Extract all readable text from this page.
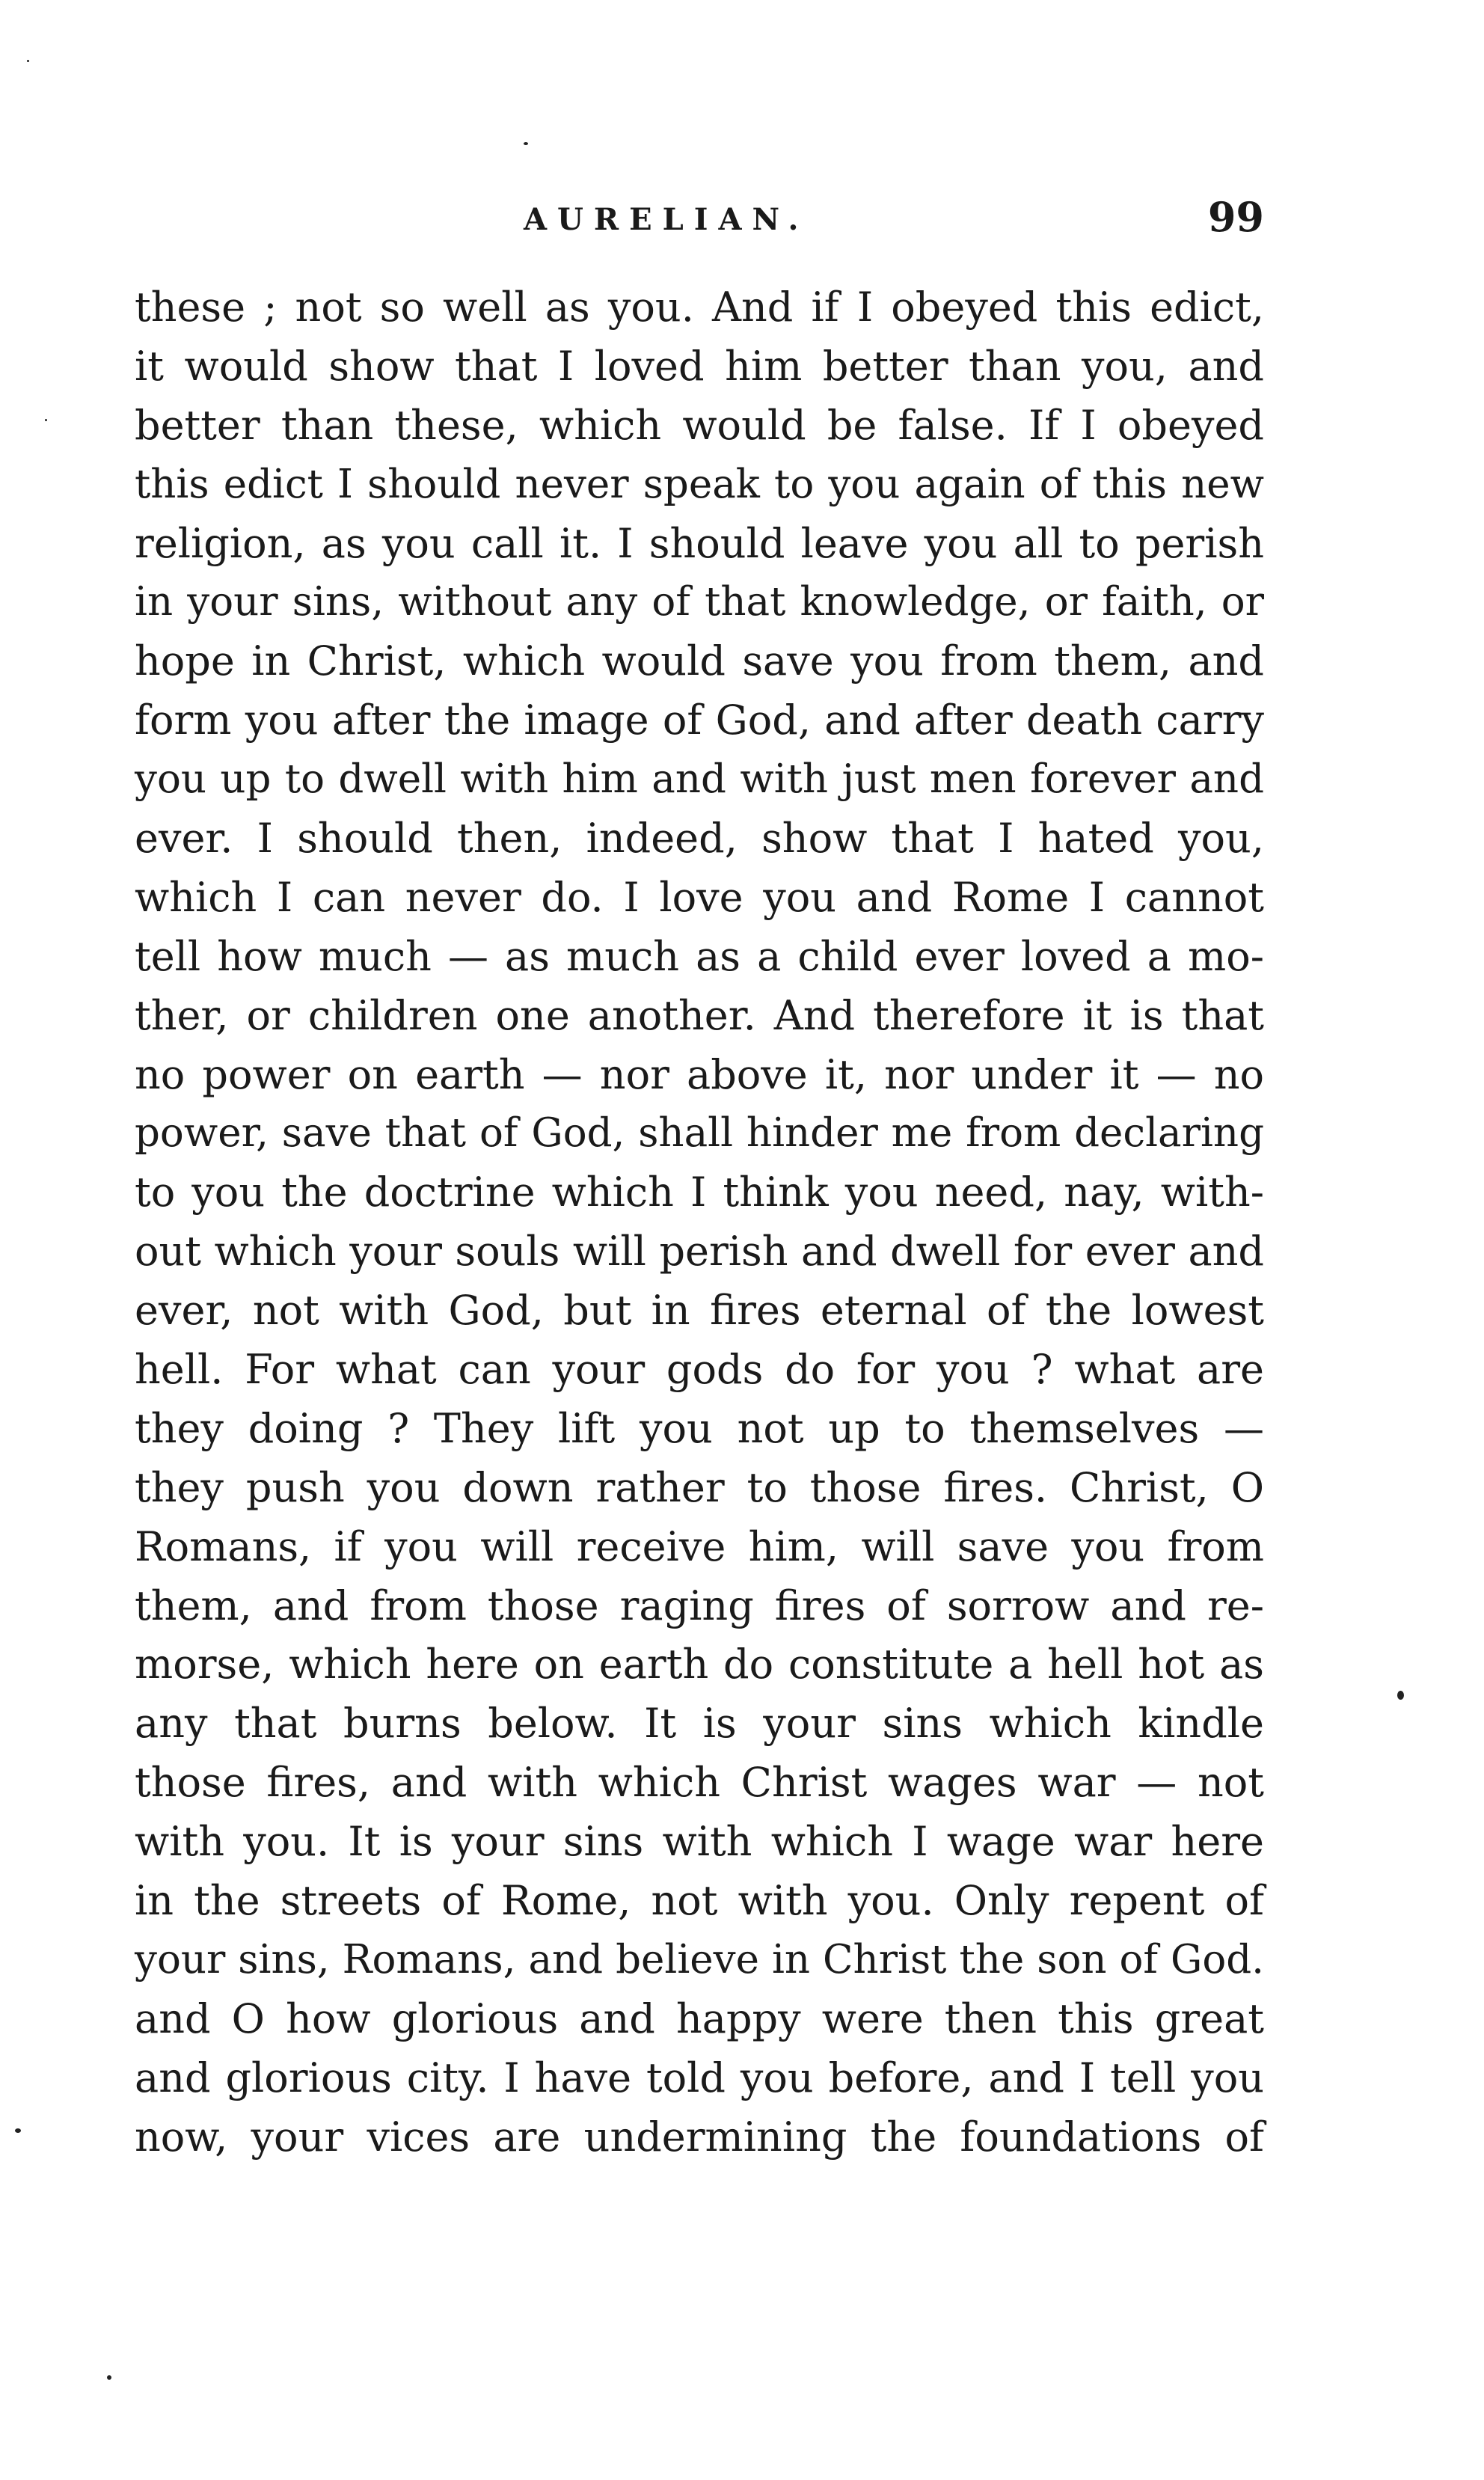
AURELIAN.	99
these ; not so well as you. And if I obeyed this edict,
it would show that I loved him better than you, and
better than these, which would be false. If I obeyed
this edict I should never speak to you again of this new
religion, as you call it. I should leave you all to perish
in your sins, without any of that knowledge, or faith, or
hope in Christ, which would save you from them, and
form you after the image of God, and after death carry
you up to dwell with him and with just men forever and
ever. I should then, indeed, show that I hated you,
which I can never do. I love you and Rome I cannot
tell how much — as much as a child ever loved a mo-
ther, or children one another. And therefore it is that
no power on earth — nor above it, nor under it — no
power, save that of God, shall hinder me from declaring
to you the doctrine which I think you need, nay, with-
out which your souls will perish and dwell for ever and
ever, not with God, but in fires eternal of the lowest
hell. For what can your gods do for you ? what are
they doing ? They lift you not up to themselves —
they push you down rather to those fires. Christ, O
Romans, if you will receive him, will save you from
them, and from those raging fires of sorrow and re-
morse, which here on earth do constitute a hell hot as
any that burns below. It is your sins which kindle
those fires, and with which Christ wages war — not
with you. It is your sins with which I wage war here
in the streets of Rome, not with you. Only repent of
your sins, Romans, and believe in Christ the son of God.
and O how glorious and happy were then this great
and glorious city. I have told you before, and I tell you
now, your vices are undermining the foundations of
